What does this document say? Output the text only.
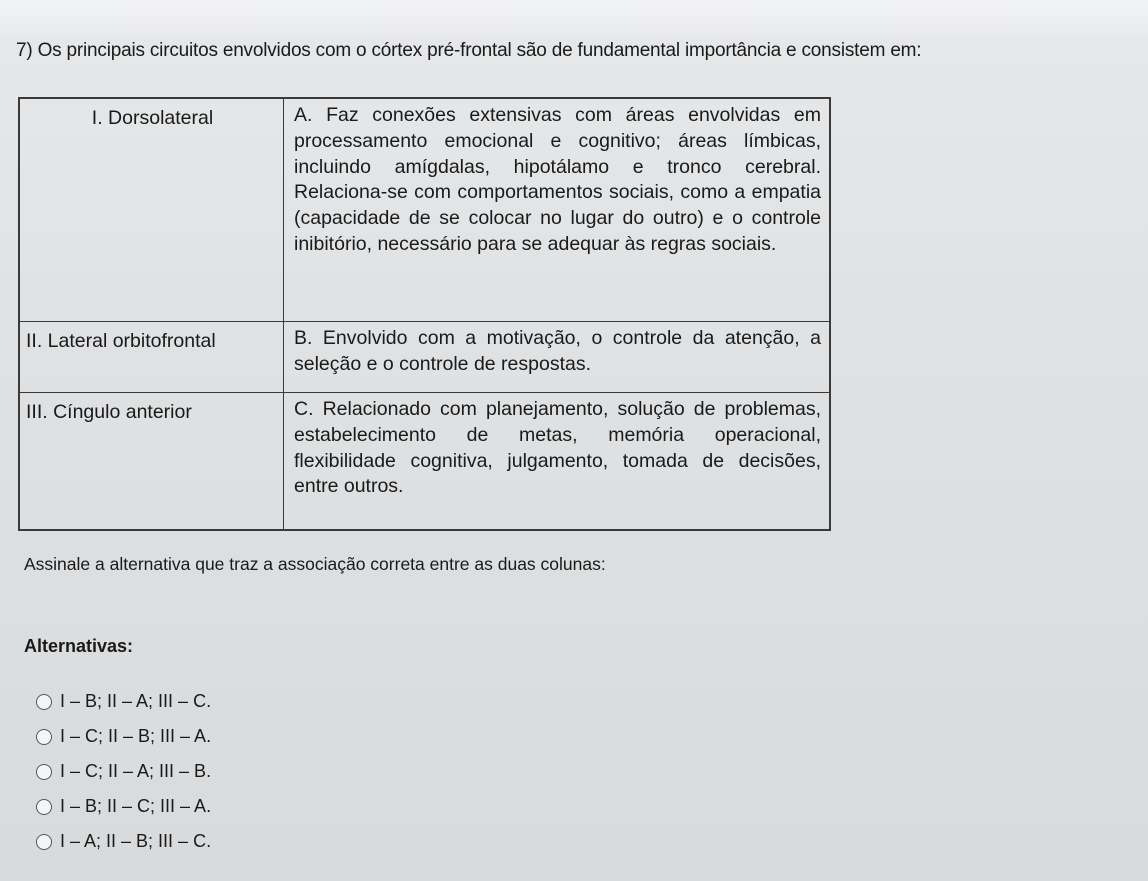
7) Os principais circuitos envolvidos com o córtex pré-frontal são de fundamental importância e consistem em:
I. Dorsolateral	A. Faz conexões extensivas com áreas envolvidas em processamento emocional e cognitivo; áreas límbicas, incluindo amígdalas, hipotálamo e tronco cerebral. Relaciona-se com comportamentos sociais, como a empatia (capacidade de se colocar no lugar do outro) e o controle inibitório, necessário para se adequar às regras sociais.
II. Lateral orbitofrontal	B. Envolvido com a motivação, o controle da atenção, a seleção e o controle de respostas.
III. Cíngulo anterior	C. Relacionado com planejamento, solução de problemas, estabelecimento de metas, memória operacional, flexibilidade cognitiva, julgamento, tomada de decisões, entre outros.
Assinale a alternativa que traz a associação correta entre as duas colunas:
Alternativas:
I – B; II – A; III – C.
I – C; II – B; III – A.
I – C; II – A; III – B.
I – B; II – C; III – A.
I – A; II – B; III – C.
